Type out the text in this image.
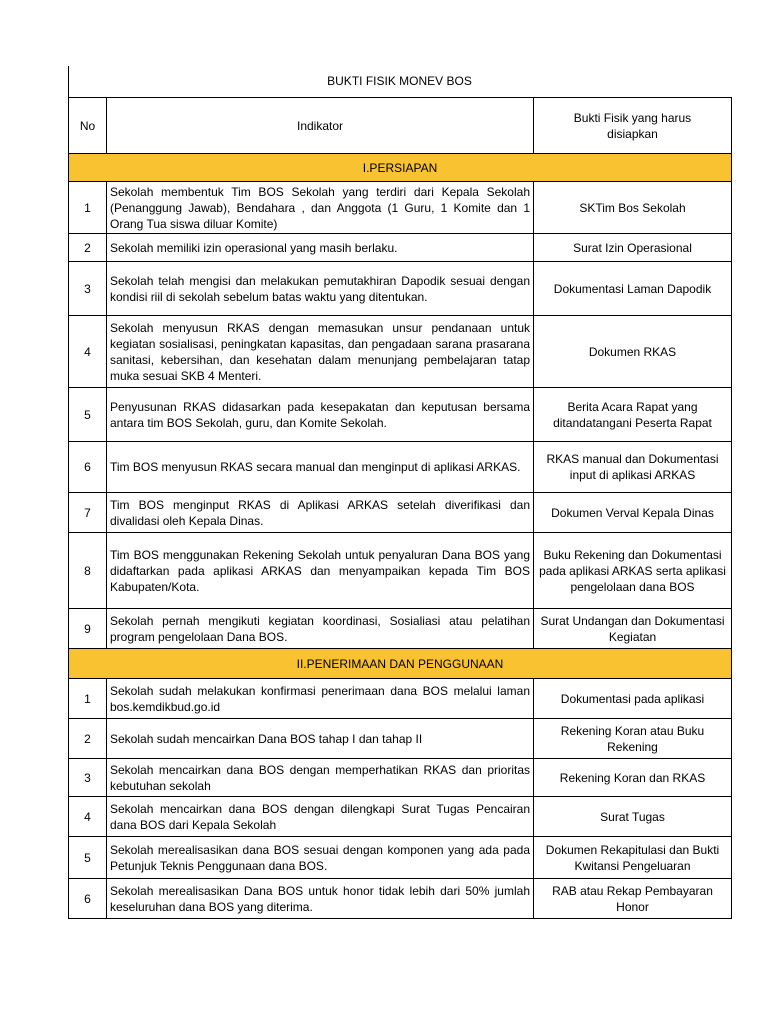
BUKTI FISIK MONEV BOS
No	Indikator	Bukti Fisik yang harus disiapkan
I.PERSIAPAN		
1	Sekolah membentuk Tim BOS Sekolah yang terdiri dari Kepala Sekolah (Penanggung Jawab), Bendahara , dan Anggota (1 Guru, 1 Komite dan 1 Orang Tua siswa diluar Komite)	SKTim Bos Sekolah
2	Sekolah memiliki izin operasional yang masih berlaku.	Surat Izin Operasional
3	Sekolah telah mengisi dan melakukan pemutakhiran Dapodik sesuai dengan kondisi riil di sekolah sebelum batas waktu yang ditentukan.	Dokumentasi Laman Dapodik
4	Sekolah menyusun RKAS dengan memasukan unsur pendanaan untuk kegiatan sosialisasi, peningkatan kapasitas, dan pengadaan sarana prasarana sanitasi, kebersihan, dan kesehatan dalam menunjang pembelajaran tatap muka sesuai SKB 4 Menteri.	Dokumen RKAS
5	Penyusunan RKAS didasarkan pada kesepakatan dan keputusan bersama antara tim BOS Sekolah, guru, dan Komite Sekolah.	Berita Acara Rapat yang ditandatangani Peserta Rapat
6	Tim BOS menyusun RKAS secara manual dan menginput di aplikasi ARKAS.	RKAS manual dan Dokumentasi input di aplikasi ARKAS
7	Tim BOS menginput RKAS di Aplikasi ARKAS setelah diverifikasi dan divalidasi oleh Kepala Dinas.	Dokumen Verval Kepala Dinas
8	Tim BOS menggunakan Rekening Sekolah untuk penyaluran Dana BOS yang didaftarkan pada aplikasi ARKAS dan menyampaikan kepada Tim BOS Kabupaten/Kota.	Buku Rekening dan Dokumentasi pada aplikasi ARKAS serta aplikasi pengelolaan dana BOS
9	Sekolah pernah mengikuti kegiatan koordinasi, Sosialiasi atau pelatihan program pengelolaan Dana BOS.	Surat Undangan dan Dokumentasi Kegiatan
II.PENERIMAAN DAN PENGGUNAAN		
1	Sekolah sudah melakukan konfirmasi penerimaan dana BOS melalui laman bos.kemdikbud.go.id	Dokumentasi pada aplikasi
2	Sekolah sudah mencairkan Dana BOS tahap I dan tahap II	Rekening Koran atau Buku Rekening
3	Sekolah mencairkan dana BOS dengan memperhatikan RKAS dan prioritas kebutuhan sekolah	Rekening Koran dan RKAS
4	Sekolah mencairkan dana BOS dengan dilengkapi Surat Tugas Pencairan dana BOS dari Kepala Sekolah	Surat Tugas
5	Sekolah merealisasikan dana BOS sesuai dengan komponen yang ada pada Petunjuk Teknis Penggunaan dana BOS.	Dokumen Rekapitulasi dan Bukti Kwitansi Pengeluaran
6	Sekolah merealisasikan Dana BOS untuk honor tidak lebih dari 50% jumlah keseluruhan dana BOS yang diterima.	RAB atau Rekap Pembayaran Honor
